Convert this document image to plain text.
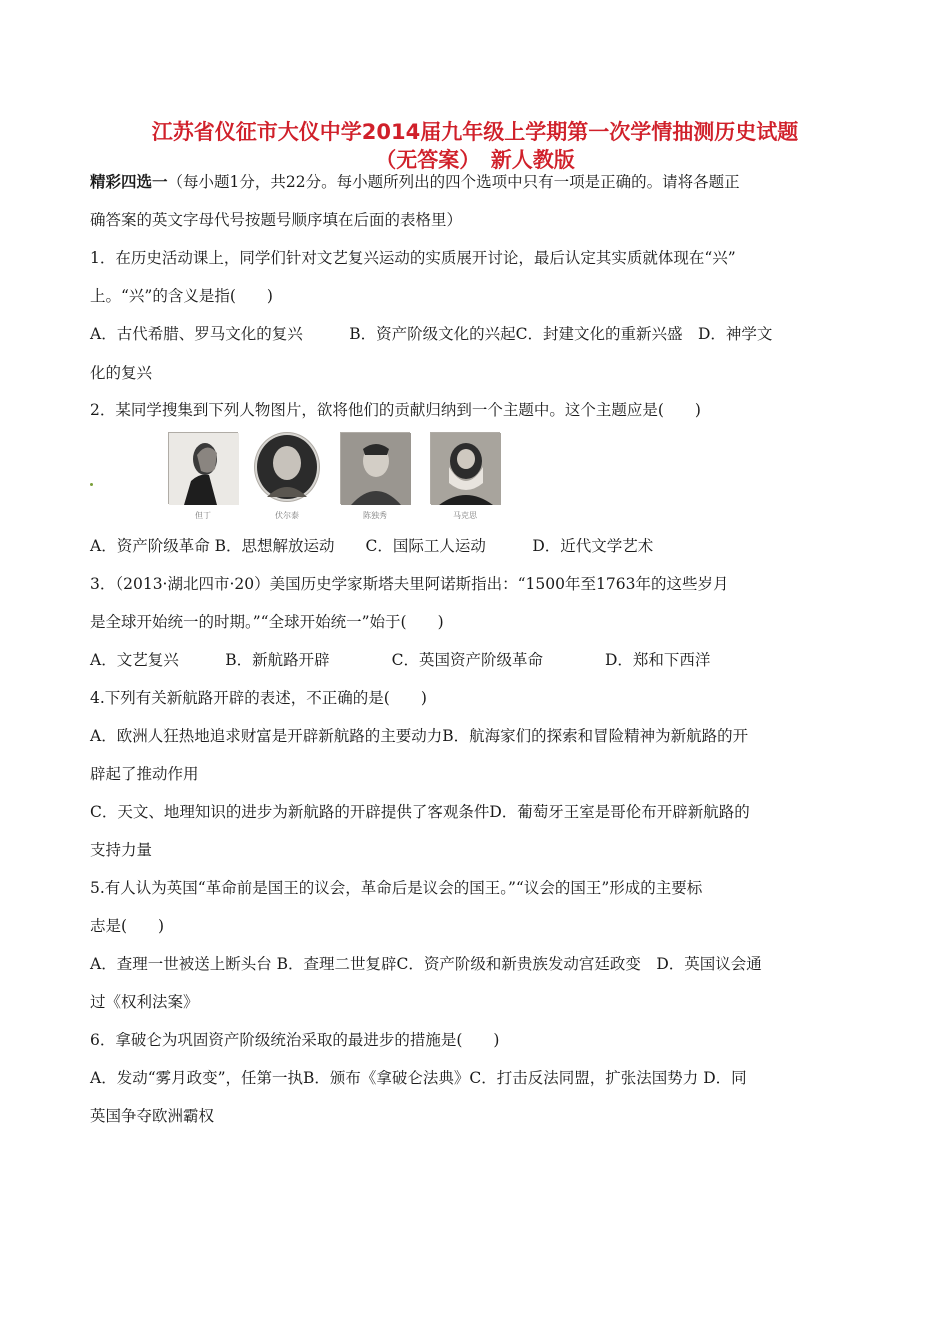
江苏省仪征市大仪中学2014届九年级上学期第一次学情抽测历史试题
（无答案）　新人教版
精彩四选一（每小题1分，共22分。每小题所列出的四个选项中只有一项是正确的。请将各题正
确答案的英文字母代号按题号顺序填在后面的表格里）
1．在历史活动课上，同学们针对文艺复兴运动的实质展开讨论，最后认定其实质就体现在“兴”
上。“兴”的含义是指(　　)
A．古代希腊、罗马文化的复兴　　　B．资产阶级文化的兴起C．封建文化的重新兴盛　D．神学文
化的复兴
2．某同学搜集到下列人物图片，欲将他们的贡献归纳到一个主题中。这个主题应是(　　)
但丁	伏尔泰	陈独秀	马克思
A．资产阶级革命 B．思想解放运动　　C．国际工人运动　　　D．近代文学艺术
3．（2013·湖北四市·20）美国历史学家斯塔夫里阿诺斯指出：“1500年至1763年的这些岁月
是全球开始统一的时期。”“全球开始统一”始于(　　)
A．文艺复兴　　　B．新航路开辟　　　　C．英国资产阶级革命　　　　D．郑和下西洋
4.下列有关新航路开辟的表述，不正确的是(　　)
A．欧洲人狂热地追求财富是开辟新航路的主要动力B．航海家们的探索和冒险精神为新航路的开
辟起了推动作用
C．天文、地理知识的进步为新航路的开辟提供了客观条件D．葡萄牙王室是哥伦布开辟新航路的
支持力量
5.有人认为英国“革命前是国王的议会，革命后是议会的国王。”“议会的国王”形成的主要标
志是(　　)
A．查理一世被送上断头台 B．查理二世复辟C．资产阶级和新贵族发动宫廷政变　D．英国议会通
过《权利法案》
6．拿破仑为巩固资产阶级统治采取的最进步的措施是(　　)
A．发动“雾月政变”，任第一执B．颁布《拿破仑法典》C．打击反法同盟，扩张法国势力 D．同
英国争夺欧洲霸权
